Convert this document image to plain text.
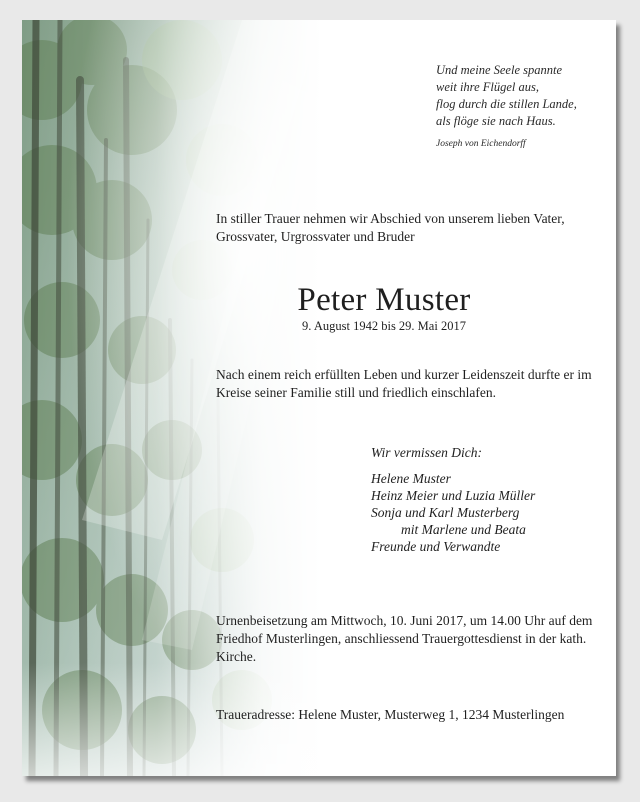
Und meine Seele spannte
weit ihre Flügel aus,
flog durch die stillen Lande,
als flöge sie nach Haus.
Joseph von Eichendorff
In stiller Trauer nehmen wir Abschied von unserem lieben Vater, Grossvater, Urgrossvater und Bruder
Peter Muster
9. August 1942 bis 29. Mai 2017
Nach einem reich erfüllten Leben und kurzer Leidenszeit durfte er im Kreise seiner Familie still und friedlich einschlafen.
Wir vermissen Dich:
Helene Muster
Heinz Meier und Luzia Müller
Sonja und Karl Musterberg
mit Marlene und Beata
Freunde und Verwandte
Urnenbeisetzung am Mittwoch, 10. Juni 2017, um 14.00 Uhr auf dem Friedhof Musterlingen, anschliessend Trauergottesdienst in der kath. Kirche.
Traueradresse: Helene Muster, Musterweg 1, 1234 Musterlingen
